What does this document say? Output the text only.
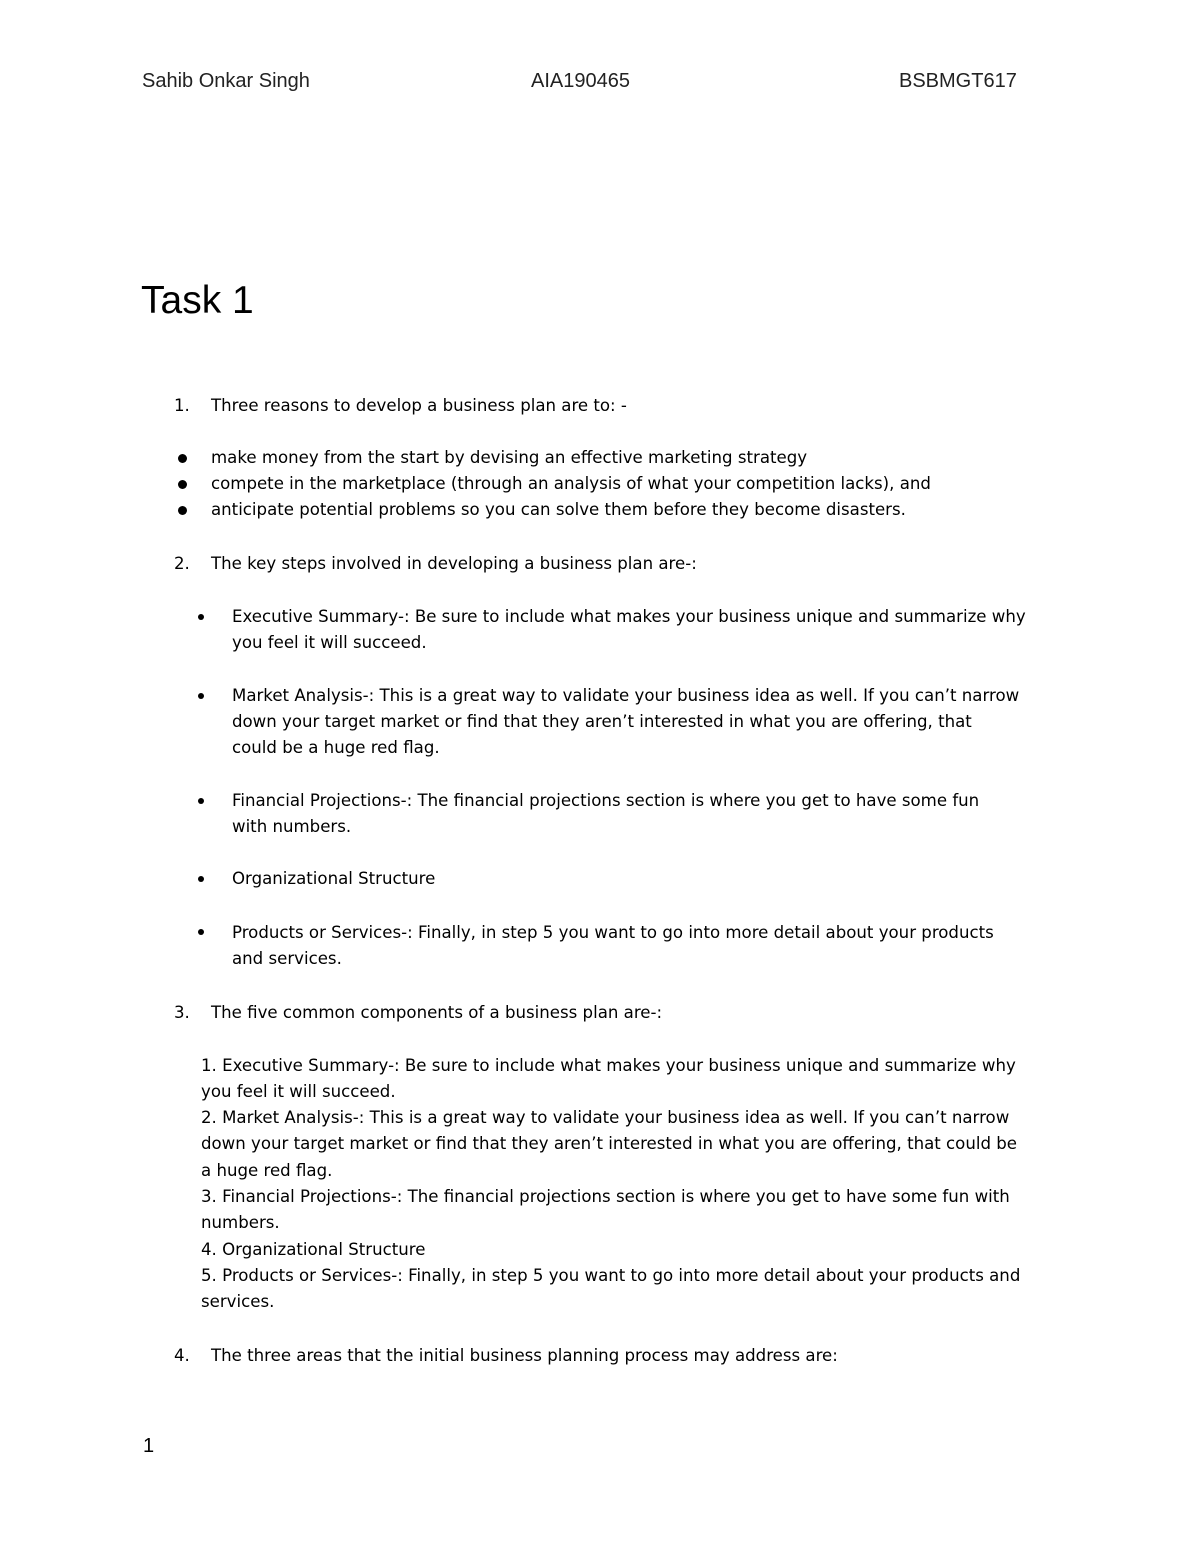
Sahib Onkar Singh	AIA190465	BSBMGT617
Task 1
1. Three reasons to develop a business plan are to: -
make money from the start by devising an effective marketing strategy
compete in the marketplace (through an analysis of what your competition lacks), and
anticipate potential problems so you can solve them before they become disasters.
2. The key steps involved in developing a business plan are-:
Executive Summary-: Be sure to include what makes your business unique and summarize why
you feel it will succeed.
Market Analysis-: This is a great way to validate your business idea as well. If you can’t narrow
down your target market or find that they aren’t interested in what you are offering, that
could be a huge red flag.
Financial Projections-: The financial projections section is where you get to have some fun
with numbers.
Organizational Structure
Products or Services-: Finally, in step 5 you want to go into more detail about your products
and services.
3. The five common components of a business plan are-:
1. Executive Summary-: Be sure to include what makes your business unique and summarize why
you feel it will succeed.
2. Market Analysis-: This is a great way to validate your business idea as well. If you can’t narrow
down your target market or find that they aren’t interested in what you are offering, that could be
a huge red flag.
3. Financial Projections-: The financial projections section is where you get to have some fun with
numbers.
4. Organizational Structure
5. Products or Services-: Finally, in step 5 you want to go into more detail about your products and
services.
4. The three areas that the initial business planning process may address are:
1
